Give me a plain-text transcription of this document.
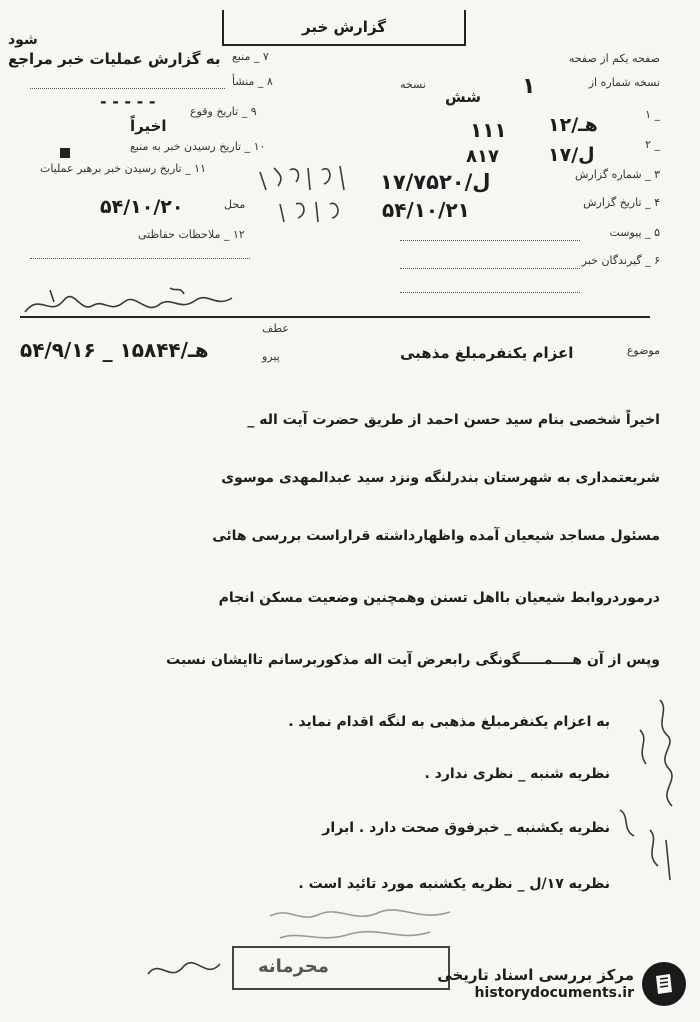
گزارش خبر
شود
به گزارش عملیات خبر مراجع ۷ _ منبع
۸ _ منشأ
- - - - -
۹ _ تاریخ وقوع
اخیراً
۱۰ _ تاریخ رسیدن خبر به منبع
۱۱ _ تاریخ رسیدن خبر برهبر عملیات
محل
۵۴/۱۰/۲۰
۱۲ _ ملاحظات حفاظتی
صفحه یکم از صفحه
نسخه شماره از
شش
نسخه	۱
۱ _
۱۲/هـ
۱۱۱
۲ _
۱۷/ل
۸۱۷
۳ _ شماره گزارش
۱۷/۷۵۲۰/ل
۴ _ تاریخ گزارش
۵۴/۱۰/۲۱
۵ _ پیوست
۶ _ گیرندگان خبر
عطف
پیرو
۵۴/۹/۱۶ _ ۱هـ/۵۸۴۴	موضوع
اعزام یکنفرمبلغ مذهبی
اخیراً شخصی بنام سید حسن احمد از طریق حضرت آیت اله _
شریعتمداری به شهرستان بندرلنگه ونزد سید عبدالمهدی موسوی
مسئول مساجد شیعیان آمده واظهارداشته قراراست بررسی هائی
درموردروابط شیعیان بااهل تسنن وهمچنین وضعیت مسکن انجام
وپس از آن هــــمـــــگونگی رابعرض آیت اله مذکوربرسانم تاایشان نسبت
به اعزام یکنفرمبلغ مذهبی به لنگه اقدام نماید .
نظریه شنبه _ نظری ندارد .
نظریه یکشنبه _ خبرفوق صحت دارد . ابرار
نظریه ۱۷/ل _ نظریه یکشنبه مورد تائید است .
محرمانه	مرکز بررسی اسناد تاریخی
historydocuments.ir
